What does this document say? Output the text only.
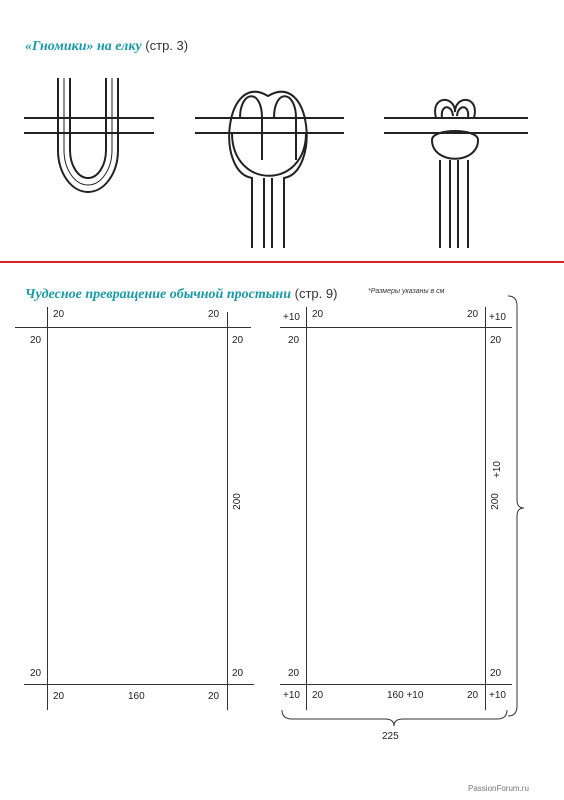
«Гномики» на елку (стр. 3)
Чудесное превращение обычной простыни (стр. 9)	*Размеры указаны в см
20	20
20	20
200
20	20
20	160	20
+10 20	20 +10
20	20
200
+10
20	20
+10 20	160 +10	20 +10
225
PassionForum.ru
